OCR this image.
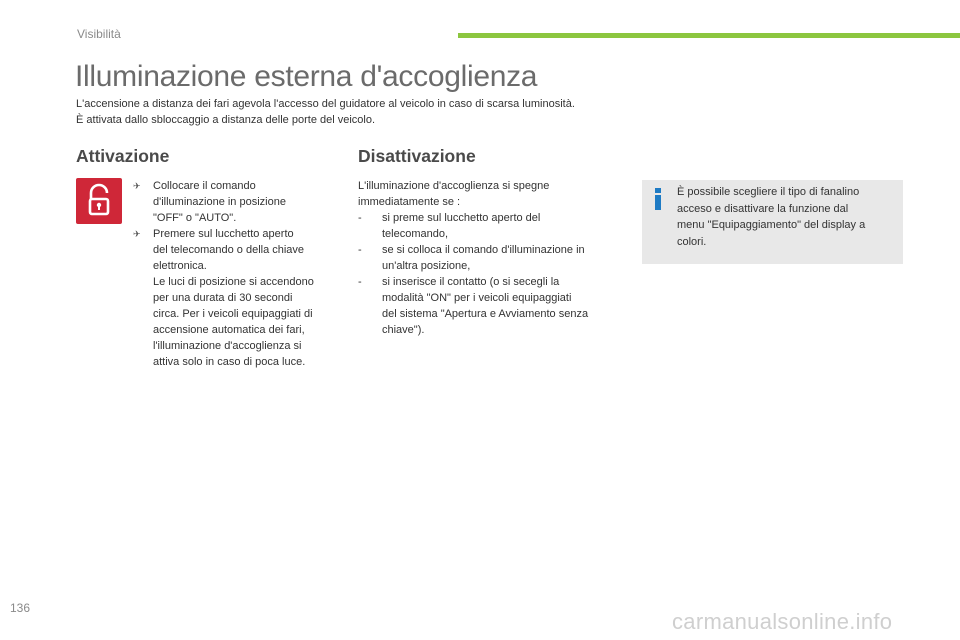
Visibilità
Illuminazione esterna d'accoglienza

L'accensione a distanza dei fari agevola l'accesso del guidatore al veicolo in caso di scarsa luminosità.

È attivata dallo sbloccaggio a distanza delle porte del veicolo.

Attivazione	Disattivazione
✈ Collocare il comando

d'illuminazione in posizione

"OFF" o "AUTO".

✈ Premere sul lucchetto aperto

del telecomando o della chiave

elettronica.

Le luci di posizione si accendono

per una durata di 30 secondi

circa. Per i veicoli equipaggiati di

accensione automatica dei fari,

l'illuminazione d'accoglienza si

attiva solo in caso di poca luce.

L'illuminazione d'accoglienza si spegne

immediatamente se :

- si preme sul lucchetto aperto del

telecomando,

- se si colloca il comando d'illuminazione in

un'altra posizione,

- si inserisce il contatto (o si secegli la

modalità "ON" per i veicoli equipaggiati

del sistema "Apertura e Avviamento senza

chiave").

È possibile scegliere il tipo di fanalino
acceso e disattivare la funzione dal
menu "Equipaggiamento" del display a
colori.
136
carmanualsonline.info
